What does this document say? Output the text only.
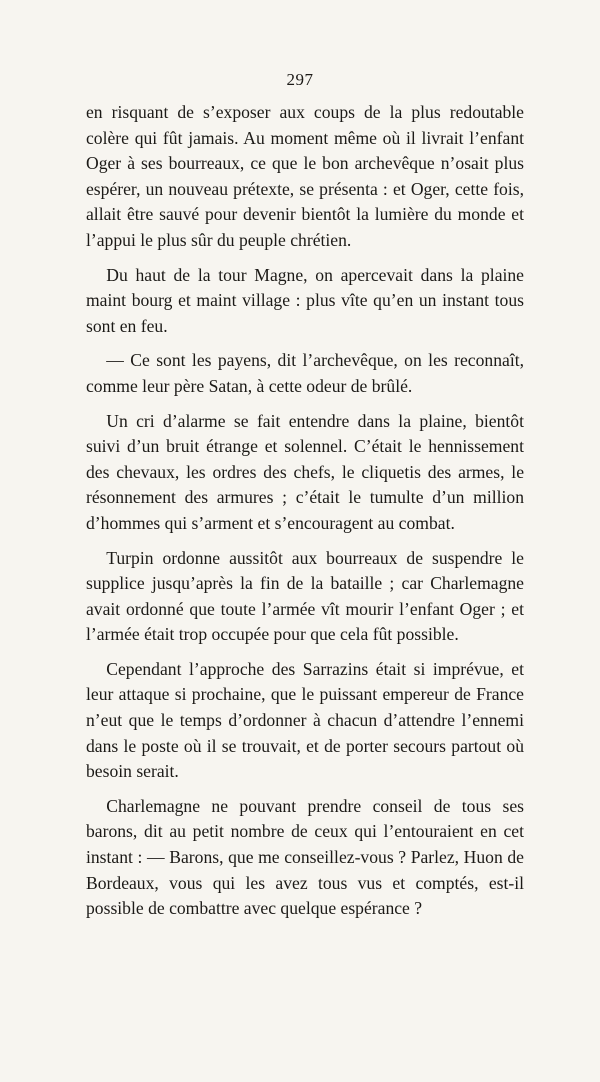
297

en risquant de s’exposer aux coups de la plus redoutable colère qui fût jamais. Au moment même où il livrait l’enfant Oger à ses bourreaux, ce que le bon archevêque n’osait plus espérer, un nouveau prétexte, se présenta : et Oger, cette fois, allait être sauvé pour devenir bientôt la lumière du monde et l’appui le plus sûr du peuple chrétien.

Du haut de la tour Magne, on apercevait dans la plaine maint bourg et maint village : plus vîte qu’en un instant tous sont en feu.

— Ce sont les payens, dit l’archevêque, on les reconnaît, comme leur père Satan, à cette odeur de brûlé.

Un cri d’alarme se fait entendre dans la plaine, bientôt suivi d’un bruit étrange et solennel. C’était le hennissement des chevaux, les ordres des chefs, le cliquetis des armes, le résonnement des armures ; c’était le tumulte d’un million d’hommes qui s’arment et s’encouragent au combat.

Turpin ordonne aussitôt aux bourreaux de suspendre le supplice jusqu’après la fin de la bataille ; car Charlemagne avait ordonné que toute l’armée vît mourir l’enfant Oger ; et l’armée était trop occupée pour que cela fût possible.

Cependant l’approche des Sarrazins était si imprévue, et leur attaque si prochaine, que le puissant empereur de France n’eut que le temps d’ordonner à chacun d’attendre l’ennemi dans le poste où il se trouvait, et de porter secours partout où besoin serait.

Charlemagne ne pouvant prendre conseil de tous ses barons, dit au petit nombre de ceux qui l’entouraient en cet instant : — Barons, que me conseillez-vous ? Parlez, Huon de Bordeaux, vous qui les avez tous vus et comptés, est-il possible de combattre avec quelque espérance ?
